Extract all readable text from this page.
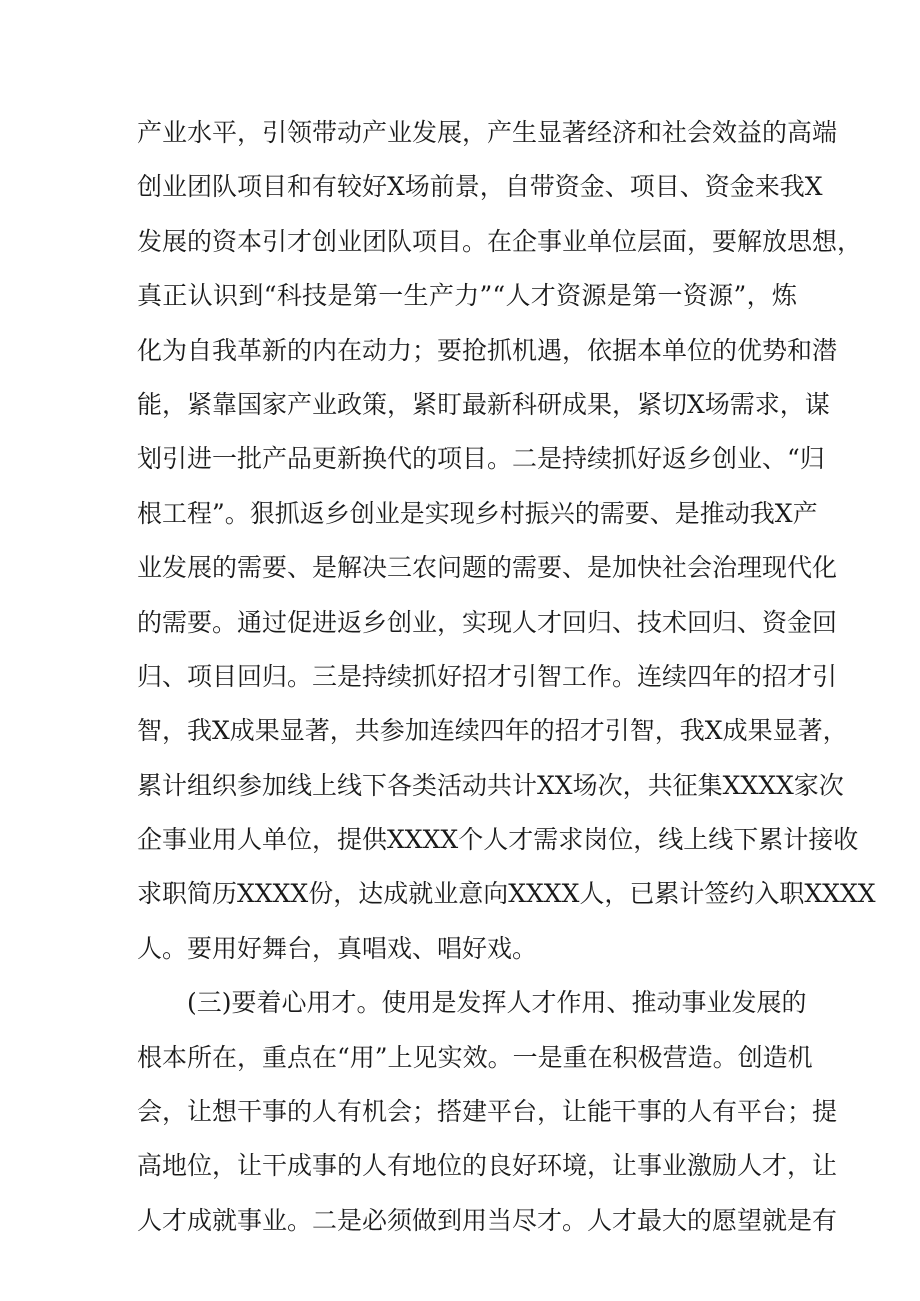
产业水平，引领带动产业发展，产生显著经济和社会效益的高端
创业团队项目和有较好X场前景，自带资金、项目、资金来我X
发展的资本引才创业团队项目。在企事业单位层面，要解放思想，
真正认识到“科技是第一生产力”“人才资源是第一资源”，炼
化为自我革新的内在动力；要抢抓机遇，依据本单位的优势和潜
能，紧靠国家产业政策，紧盯最新科研成果，紧切X场需求，谋
划引进一批产品更新换代的项目。二是持续抓好返乡创业、“归
根工程”。狠抓返乡创业是实现乡村振兴的需要、是推动我X产
业发展的需要、是解决三农问题的需要、是加快社会治理现代化
的需要。通过促进返乡创业，实现人才回归、技术回归、资金回
归、项目回归。三是持续抓好招才引智工作。连续四年的招才引
智，我X成果显著，共参加连续四年的招才引智，我X成果显著，
累计组织参加线上线下各类活动共计XX场次，共征集XXXX家次
企事业用人单位，提供XXXX个人才需求岗位，线上线下累计接收
求职简历XXXX份，达成就业意向XXXX人，已累计签约入职XXXX
人。要用好舞台，真唱戏、唱好戏。
(三)要着心用才。使用是发挥人才作用、推动事业发展的
根本所在，重点在“用”上见实效。一是重在积极营造。创造机
会，让想干事的人有机会；搭建平台，让能干事的人有平台；提
高地位，让干成事的人有地位的良好环境，让事业激励人才，让
人才成就事业。二是必须做到用当尽才。人才最大的愿望就是有
